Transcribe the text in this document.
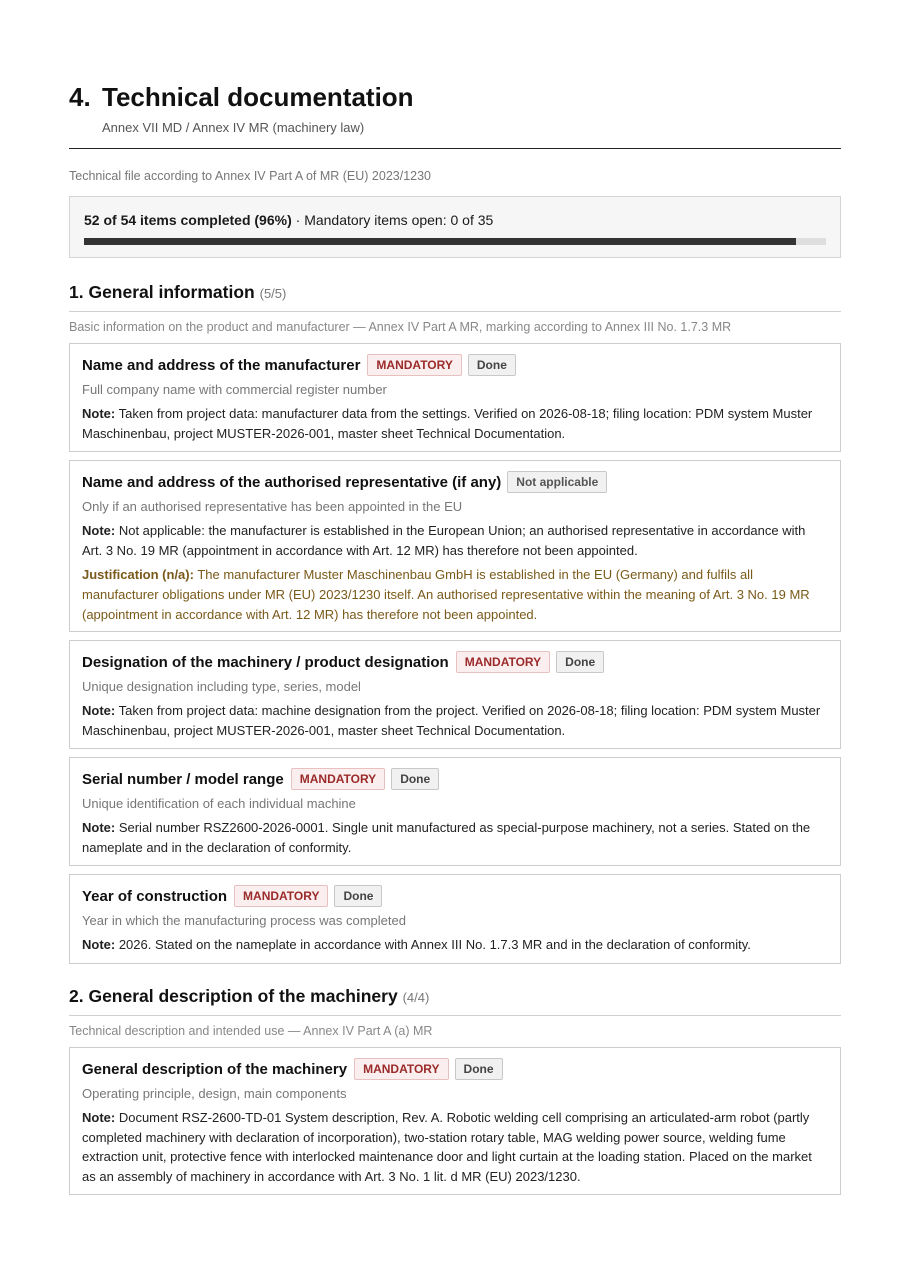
4. Technical documentation
Annex VII MD / Annex IV MR (machinery law)
Technical file according to Annex IV Part A of MR (EU) 2023/1230
52 of 54 items completed (96%) · Mandatory items open: 0 of 35
1. General information (5/5)
Basic information on the product and manufacturer — Annex IV Part A MR, marking according to Annex III No. 1.7.3 MR
Name and address of the manufacturer	MANDATORY	Done
Full company name with commercial register number
Note: Taken from project data: manufacturer data from the settings. Verified on 2026-08-18; filing location: PDM system Muster Maschinenbau, project MUSTER-2026-001, master sheet Technical Documentation.
Name and address of the authorised representative (if any)	Not applicable
Only if an authorised representative has been appointed in the EU
Note: Not applicable: the manufacturer is established in the European Union; an authorised representative in accordance with Art. 3 No. 19 MR (appointment in accordance with Art. 12 MR) has therefore not been appointed.
Justification (n/a): The manufacturer Muster Maschinenbau GmbH is established in the EU (Germany) and fulfils all manufacturer obligations under MR (EU) 2023/1230 itself. An authorised representative within the meaning of Art. 3 No. 19 MR (appointment in accordance with Art. 12 MR) has therefore not been appointed.
Designation of the machinery / product designation	MANDATORY	Done
Unique designation including type, series, model
Note: Taken from project data: machine designation from the project. Verified on 2026-08-18; filing location: PDM system Muster Maschinenbau, project MUSTER-2026-001, master sheet Technical Documentation.
Serial number / model range	MANDATORY	Done
Unique identification of each individual machine
Note: Serial number RSZ2600-2026-0001. Single unit manufactured as special-purpose machinery, not a series. Stated on the nameplate and in the declaration of conformity.
Year of construction	MANDATORY	Done
Year in which the manufacturing process was completed
Note: 2026. Stated on the nameplate in accordance with Annex III No. 1.7.3 MR and in the declaration of conformity.
2. General description of the machinery (4/4)
Technical description and intended use — Annex IV Part A (a) MR
General description of the machinery	MANDATORY	Done
Operating principle, design, main components
Note: Document RSZ-2600-TD-01 System description, Rev. A. Robotic welding cell comprising an articulated-arm robot (partly completed machinery with declaration of incorporation), two-station rotary table, MAG welding power source, welding fume extraction unit, protective fence with interlocked maintenance door and light curtain at the loading station. Placed on the market as an assembly of machinery in accordance with Art. 3 No. 1 lit. d MR (EU) 2023/1230.
